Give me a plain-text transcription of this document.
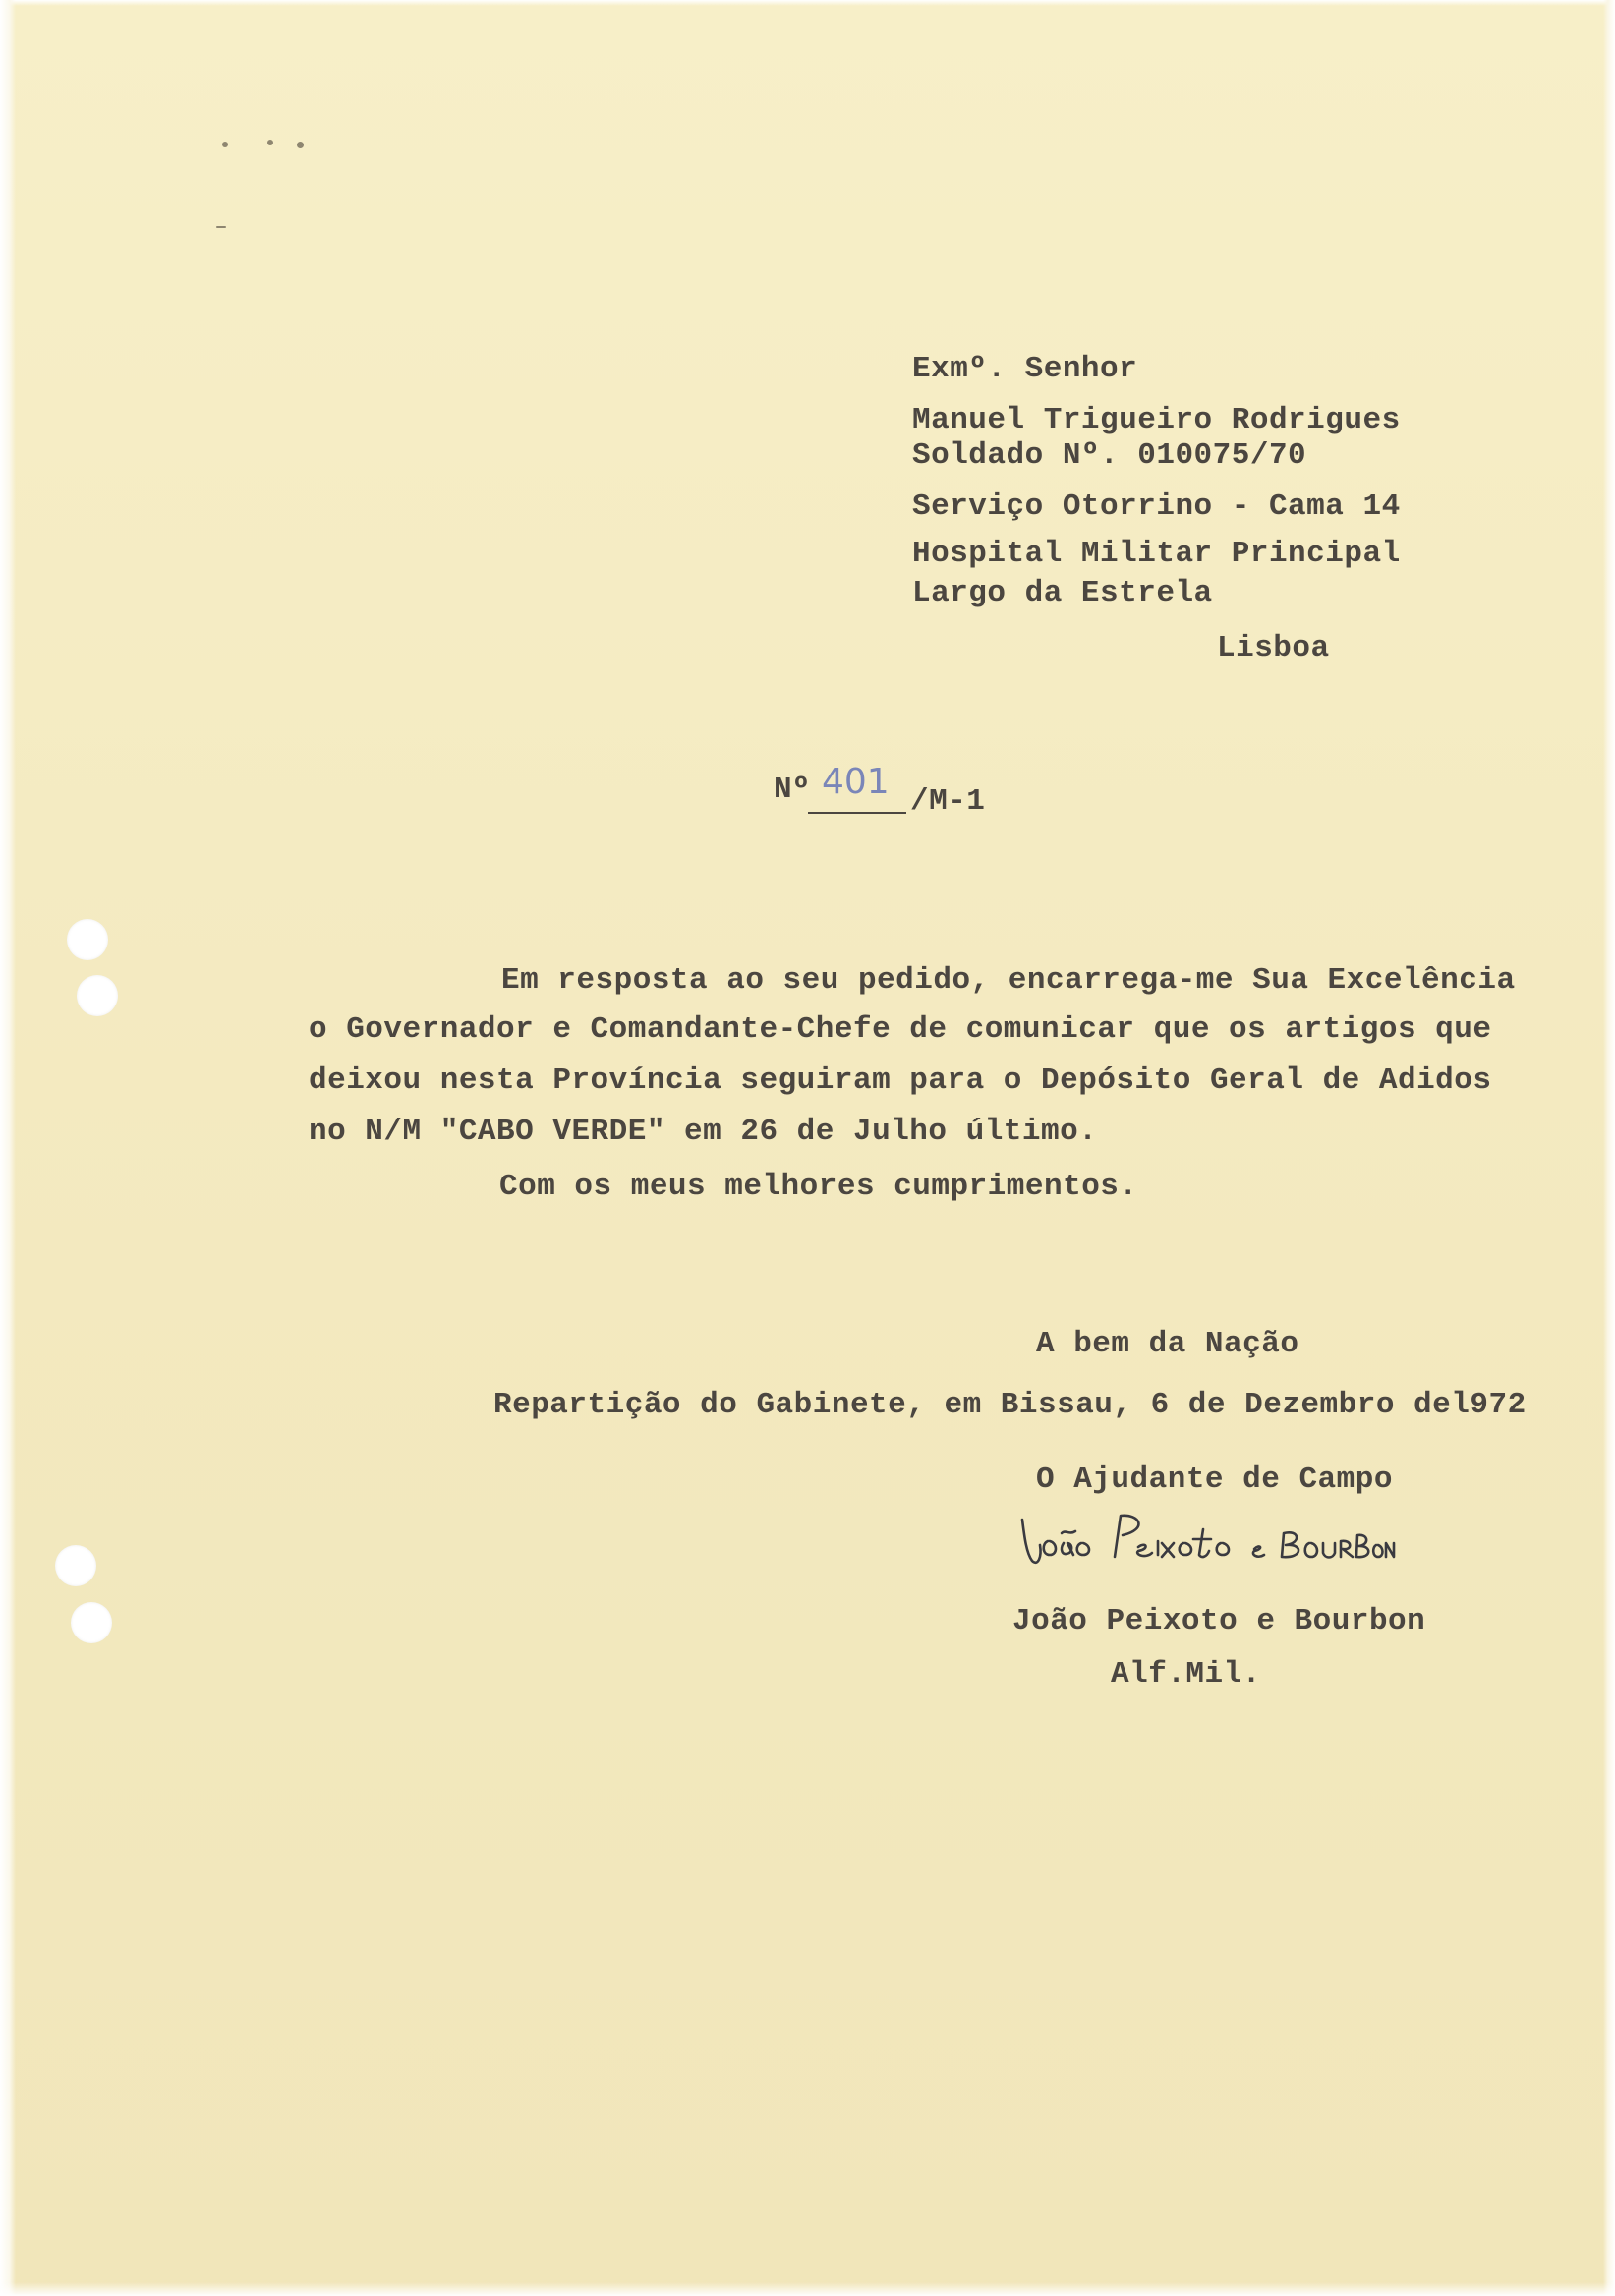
Exmº. Senhor
Manuel Trigueiro Rodrigues
Soldado Nº. 010075/70
Serviço Otorrino - Cama 14
Hospital Militar Principal
Largo da Estrela
Lisboa
Nº 401 /M-1
Em resposta ao seu pedido, encarrega-me Sua Excelência
o Governador e Comandante-Chefe de comunicar que os artigos que
deixou nesta Província seguiram para o Depósito Geral de Adidos
no N/M "CABO VERDE" em 26 de Julho último.
Com os meus melhores cumprimentos.
A bem da Nação
Repartição do Gabinete, em Bissau, 6 de Dezembro del972
O Ajudante de Campo
João Peixoto e Bourbon
Alf.Mil.
